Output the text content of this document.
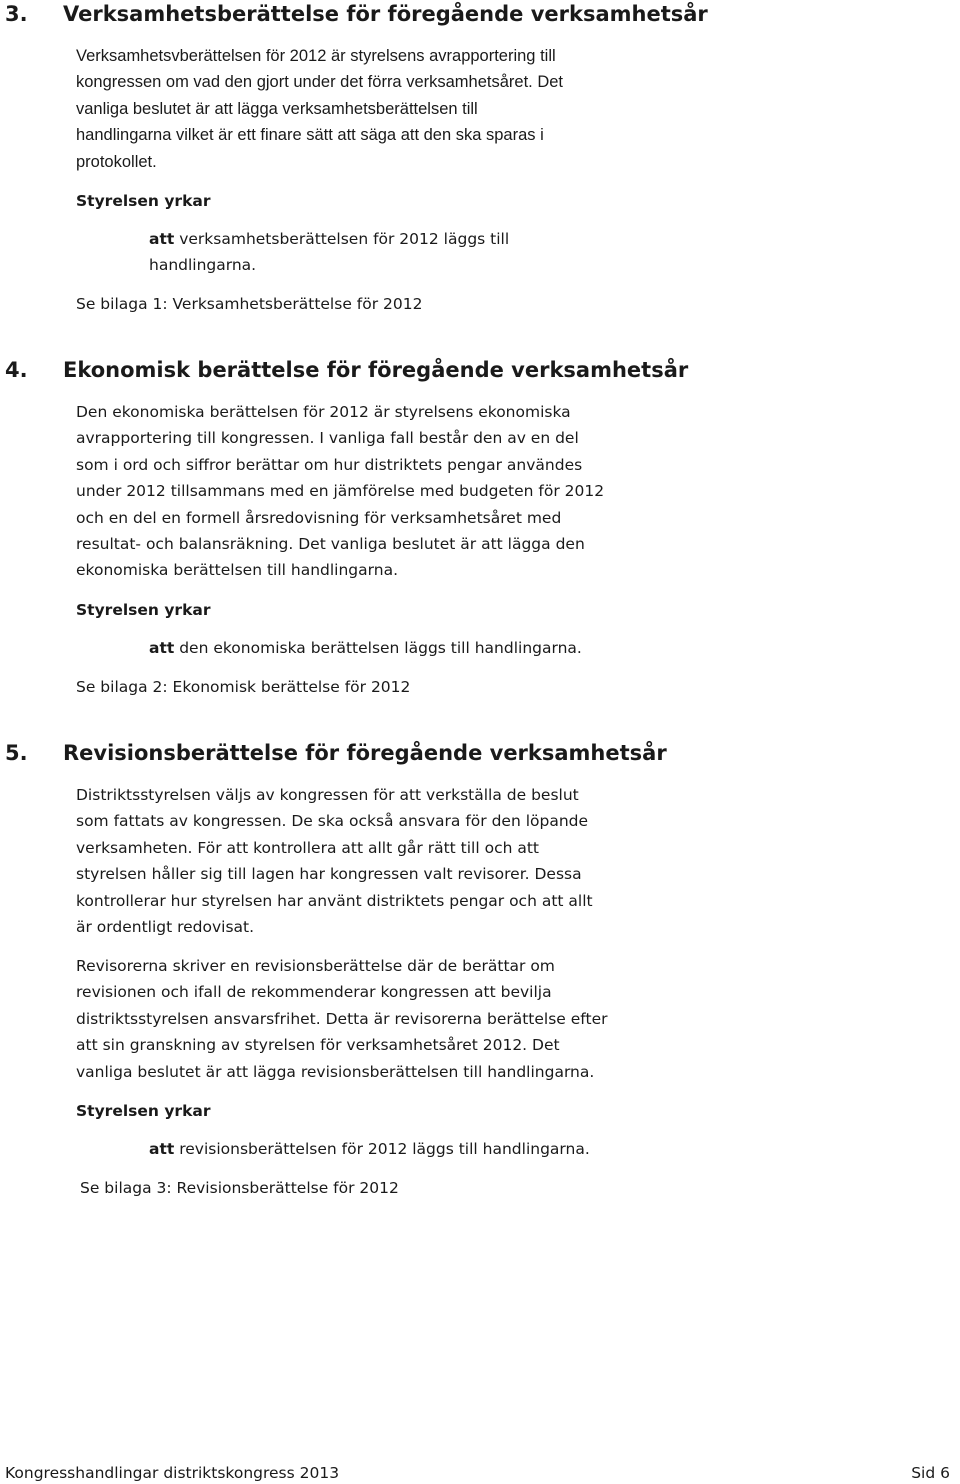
3. Verksamhetsberättelse för föregående verksamhetsår
Verksamhetsvberättelsen för 2012 är styrelsens avrapportering till
kongressen om vad den gjort under det förra verksamhetsåret. Det
vanliga beslutet är att lägga verksamhetsberättelsen till
handlingarna vilket är ett finare sätt att säga att den ska sparas i
protokollet.
Styrelsen yrkar
att verksamhetsberättelsen för 2012 läggs till
handlingarna.
Se bilaga 1: Verksamhetsberättelse för 2012
4. Ekonomisk berättelse för föregående verksamhetsår
Den ekonomiska berättelsen för 2012 är styrelsens ekonomiska
avrapportering till kongressen. I vanliga fall består den av en del
som i ord och siffror berättar om hur distriktets pengar användes
under 2012 tillsammans med en jämförelse med budgeten för 2012
och en del en formell årsredovisning för verksamhetsåret med
resultat- och balansräkning. Det vanliga beslutet är att lägga den
ekonomiska berättelsen till handlingarna.
Styrelsen yrkar
att den ekonomiska berättelsen läggs till handlingarna.
Se bilaga 2: Ekonomisk berättelse för 2012
5. Revisionsberättelse för föregående verksamhetsår
Distriktsstyrelsen väljs av kongressen för att verkställa de beslut
som fattats av kongressen. De ska också ansvara för den löpande
verksamheten. För att kontrollera att allt går rätt till och att
styrelsen håller sig till lagen har kongressen valt revisorer. Dessa
kontrollerar hur styrelsen har använt distriktets pengar och att allt
är ordentligt redovisat.
Revisorerna skriver en revisionsberättelse där de berättar om
revisionen och ifall de rekommenderar kongressen att bevilja
distriktsstyrelsen ansvarsfrihet. Detta är revisorerna berättelse efter
att sin granskning av styrelsen för verksamhetsåret 2012. Det
vanliga beslutet är att lägga revisionsberättelsen till handlingarna.
Styrelsen yrkar
att revisionsberättelsen för 2012 läggs till handlingarna.
Se bilaga 3: Revisionsberättelse för 2012
Kongresshandlingar distriktskongress 2013	Sid 6
